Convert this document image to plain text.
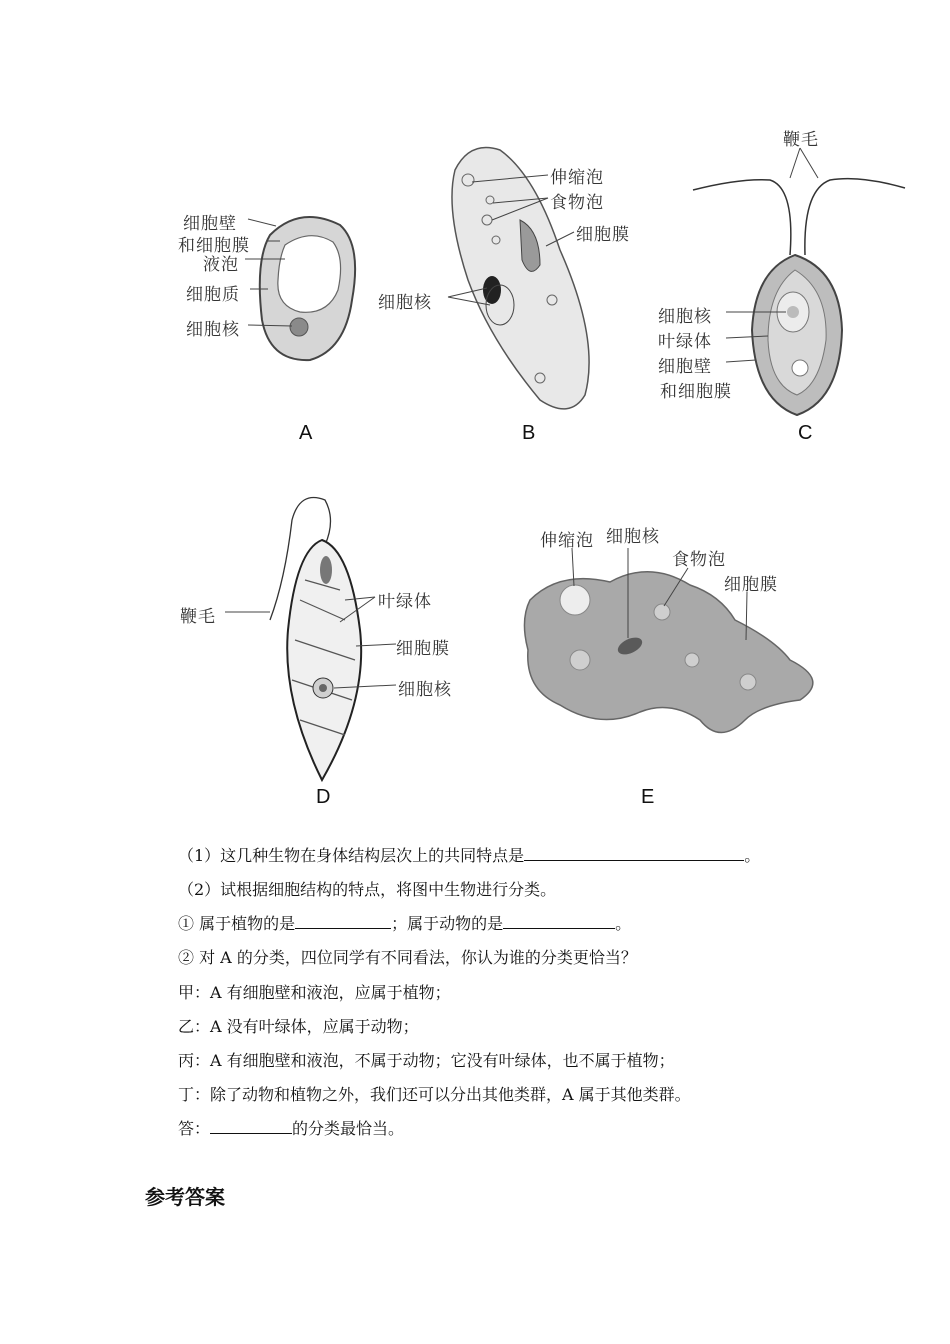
细胞壁
和细胞膜
液泡
细胞质
细胞核
A
伸缩泡
食物泡
细胞膜
细胞核
B
鞭毛
细胞核
叶绿体
细胞壁
和细胞膜
C
鞭毛
叶绿体
细胞膜
细胞核
D
伸缩泡 细胞核
食物泡
细胞膜
E
（1）这几种生物在身体结构层次上的共同特点是	。
（2）试根据细胞结构的特点，将图中生物进行分类。
① 属于植物的是	；属于动物的是	。
② 对 A 的分类，四位同学有不同看法，你认为谁的分类更恰当？
甲：A 有细胞壁和液泡，应属于植物；
乙：A 没有叶绿体，应属于动物；
丙：A 有细胞壁和液泡，不属于动物；它没有叶绿体，也不属于植物；
丁：除了动物和植物之外，我们还可以分出其他类群，A 属于其他类群。
答：	的分类最恰当。
参考答案
